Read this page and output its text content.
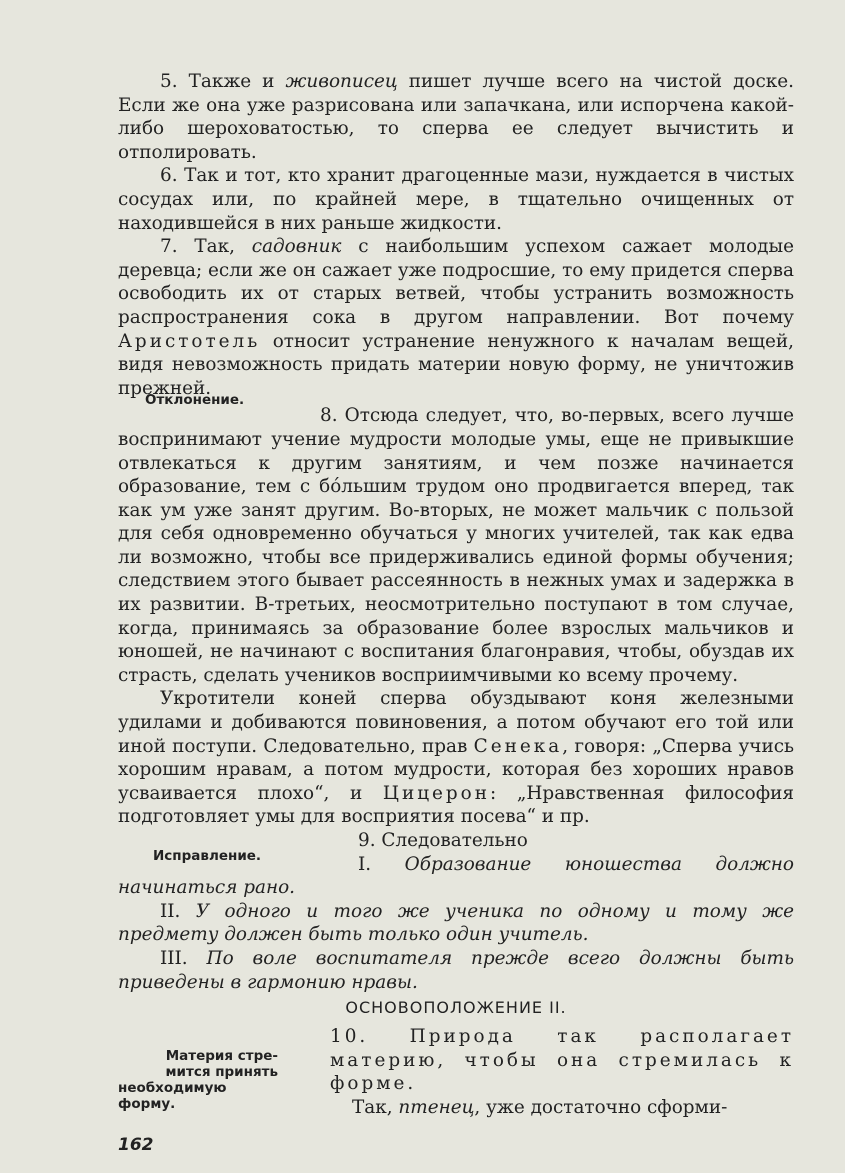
5. Также и живописец пишет лучше всего на чистой доске. Если же она уже разрисована или запачкана, или испорчена какой-либо шероховатостью, то сперва ее следует вычистить и отполировать.

6. Так и тот, кто хранит драгоценные мази, нуждается в чистых сосудах или, по крайней мере, в тщательно очищенных от находившейся в них раньше жидкости.

7. Так, садовник с наибольшим успехом сажает молодые деревца; если же он сажает уже подросшие, то ему придется сперва освободить их от старых ветвей, чтобы устранить возможность распространения сока в другом направлении. Вот почему Аристотель относит устранение ненужного к началам вещей, видя невозможность придать материи новую форму, не уничтожив прежней.

8. Отсюда следует, что, во-первых, всего лучше воспринимают учение мудрости молодые умы, еще не привыкшие отвлекаться к другим занятиям, и чем позже начинается образование, тем с бо́льшим трудом оно продвигается вперед, так как ум уже занят другим. Во-вторых, не может мальчик с пользой для себя одновременно обучаться у многих учителей, так как едва ли возможно, чтобы все придерживались единой формы обучения; следствием этого бывает рассеянность в нежных умах и задержка в их развитии. В-третьих, неосмотрительно поступают в том случае, когда, принимаясь за образование более взрослых мальчиков и юношей, не начинают с воспитания благонравия, чтобы, обуздав их страсть, сделать учеников восприимчивыми ко всему прочему.

Укротители коней сперва обуздывают коня железными удилами и добиваются повиновения, а потом обучают его той или иной поступи. Следовательно, прав Сенека, говоря: „Сперва учись хорошим нравам, а потом мудрости, которая без хороших нравов усваивается плохо“, и Цицерон: „Нравственная философия подготовляет умы для восприятия посева“ и пр.

9. Следовательно

I. Образование юношества должно начинаться рано.

II. У одного и того же ученика по одному и тому же предмету должен быть только один учитель.

III. По воле воспитателя прежде всего должны быть приведены в гармонию нравы.

ОСНОВОПОЛОЖЕНИЕ II.

10. Природа так располагает материю, чтобы она стремилась к форме.

Так, птенец, уже достаточно сформи-

Отклонение.
Исправление.
Материя стре-
мится принять
необходимую
форму.
162
